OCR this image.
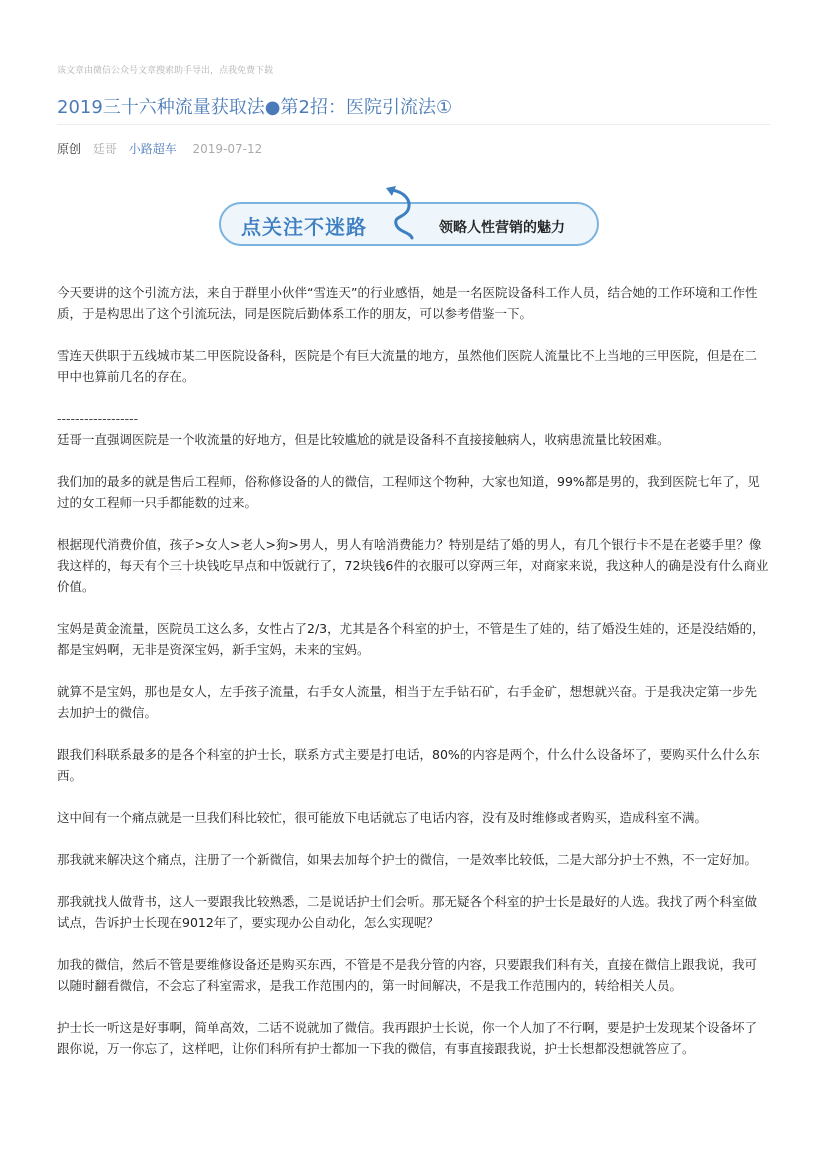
该文章由微信公众号文章搜索助手导出，点我免费下载
2019三十六种流量获取法●第2招：医院引流法①
原创 廷哥 小路超车 2019-07-12
点关注不迷路	领略人性营销的魅力

今天要讲的这个引流方法，来自于群里小伙伴“雪连天”的行业感悟，她是一名医院设备科工作人员，结合她的工作环境和工作性质，于是构思出了这个引流玩法，同是医院后勤体系工作的朋友，可以参考借鉴一下。

雪连天供职于五线城市某二甲医院设备科，医院是个有巨大流量的地方，虽然他们医院人流量比不上当地的三甲医院，但是在二甲中也算前几名的存在。

------------------

廷哥一直强调医院是一个收流量的好地方，但是比较尴尬的就是设备科不直接接触病人，收病患流量比较困难。

我们加的最多的就是售后工程师，俗称修设备的人的微信，工程师这个物种，大家也知道，99%都是男的，我到医院七年了，见过的女工程师一只手都能数的过来。

根据现代消费价值，孩子>女人>老人>狗>男人，男人有啥消费能力？特别是结了婚的男人，有几个银行卡不是在老婆手里？像我这样的，每天有个三十块钱吃早点和中饭就行了，72块钱6件的衣服可以穿两三年，对商家来说，我这种人的确是没有什么商业价值。

宝妈是黄金流量，医院员工这么多，女性占了2/3，尤其是各个科室的护士，不管是生了娃的，结了婚没生娃的，还是没结婚的，都是宝妈啊，无非是资深宝妈，新手宝妈，未来的宝妈。

就算不是宝妈，那也是女人，左手孩子流量，右手女人流量，相当于左手钻石矿，右手金矿，想想就兴奋。于是我决定第一步先去加护士的微信。

跟我们科联系最多的是各个科室的护士长，联系方式主要是打电话，80%的内容是两个，什么什么设备坏了，要购买什么什么东西。

这中间有一个痛点就是一旦我们科比较忙，很可能放下电话就忘了电话内容，没有及时维修或者购买，造成科室不满。

那我就来解决这个痛点，注册了一个新微信，如果去加每个护士的微信，一是效率比较低，二是大部分护士不熟，不一定好加。

那我就找人做背书，这人一要跟我比较熟悉，二是说话护士们会听。那无疑各个科室的护士长是最好的人选。我找了两个科室做试点，告诉护士长现在9012年了，要实现办公自动化，怎么实现呢？

加我的微信，然后不管是要维修设备还是购买东西，不管是不是我分管的内容，只要跟我们科有关，直接在微信上跟我说，我可以随时翻看微信，不会忘了科室需求，是我工作范围内的，第一时间解决，不是我工作范围内的，转给相关人员。

护士长一听这是好事啊，简单高效，二话不说就加了微信。我再跟护士长说，你一个人加了不行啊，要是护士发现某个设备坏了跟你说，万一你忘了，这样吧，让你们科所有护士都加一下我的微信，有事直接跟我说，护士长想都没想就答应了。
